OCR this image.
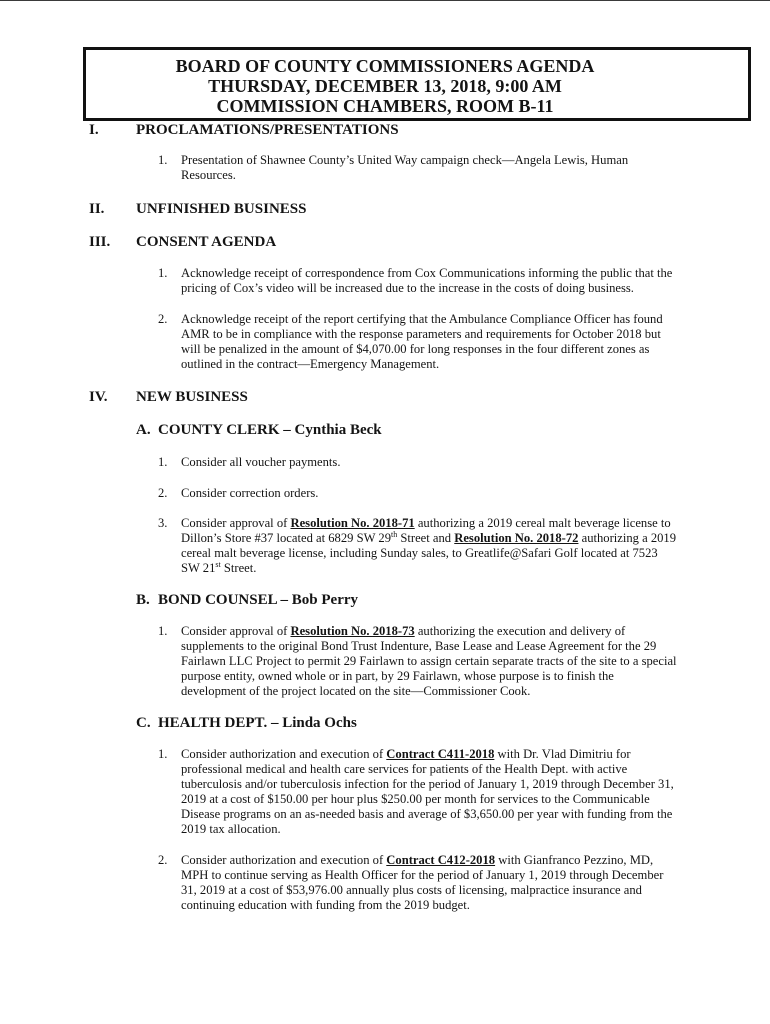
BOARD OF COUNTY COMMISSIONERS AGENDA
THURSDAY, DECEMBER 13, 2018, 9:00 AM
COMMISSION CHAMBERS, ROOM B-11
I. PROCLAMATIONS/PRESENTATIONS
1. Presentation of Shawnee County’s United Way campaign check—Angela Lewis, Human
Resources.
II. UNFINISHED BUSINESS
III. CONSENT AGENDA
1. Acknowledge receipt of correspondence from Cox Communications informing the public that the
pricing of Cox’s video will be increased due to the increase in the costs of doing business.
2. Acknowledge receipt of the report certifying that the Ambulance Compliance Officer has found
AMR to be in compliance with the response parameters and requirements for October 2018 but
will be penalized in the amount of $4,070.00 for long responses in the four different zones as
outlined in the contract—Emergency Management.
IV. NEW BUSINESS
A. COUNTY CLERK – Cynthia Beck
1. Consider all voucher payments.
2. Consider correction orders.
3. Consider approval of Resolution No. 2018-71 authorizing a 2019 cereal malt beverage license to
Dillon’s Store #37 located at 6829 SW 29th Street and Resolution No. 2018-72 authorizing a 2019
cereal malt beverage license, including Sunday sales, to Greatlife@Safari Golf located at 7523
SW 21st Street.
B. BOND COUNSEL – Bob Perry
1. Consider approval of Resolution No. 2018-73 authorizing the execution and delivery of
supplements to the original Bond Trust Indenture, Base Lease and Lease Agreement for the 29
Fairlawn LLC Project to permit 29 Fairlawn to assign certain separate tracts of the site to a special
purpose entity, owned whole or in part, by 29 Fairlawn, whose purpose is to finish the
development of the project located on the site—Commissioner Cook.
C. HEALTH DEPT. – Linda Ochs
1. Consider authorization and execution of Contract C411-2018 with Dr. Vlad Dimitriu for
professional medical and health care services for patients of the Health Dept. with active
tuberculosis and/or tuberculosis infection for the period of January 1, 2019 through December 31,
2019 at a cost of $150.00 per hour plus $250.00 per month for services to the Communicable
Disease programs on an as-needed basis and average of $3,650.00 per year with funding from the
2019 tax allocation.
2. Consider authorization and execution of Contract C412-2018 with Gianfranco Pezzino, MD,
MPH to continue serving as Health Officer for the period of January 1, 2019 through December
31, 2019 at a cost of $53,976.00 annually plus costs of licensing, malpractice insurance and
continuing education with funding from the 2019 budget.
